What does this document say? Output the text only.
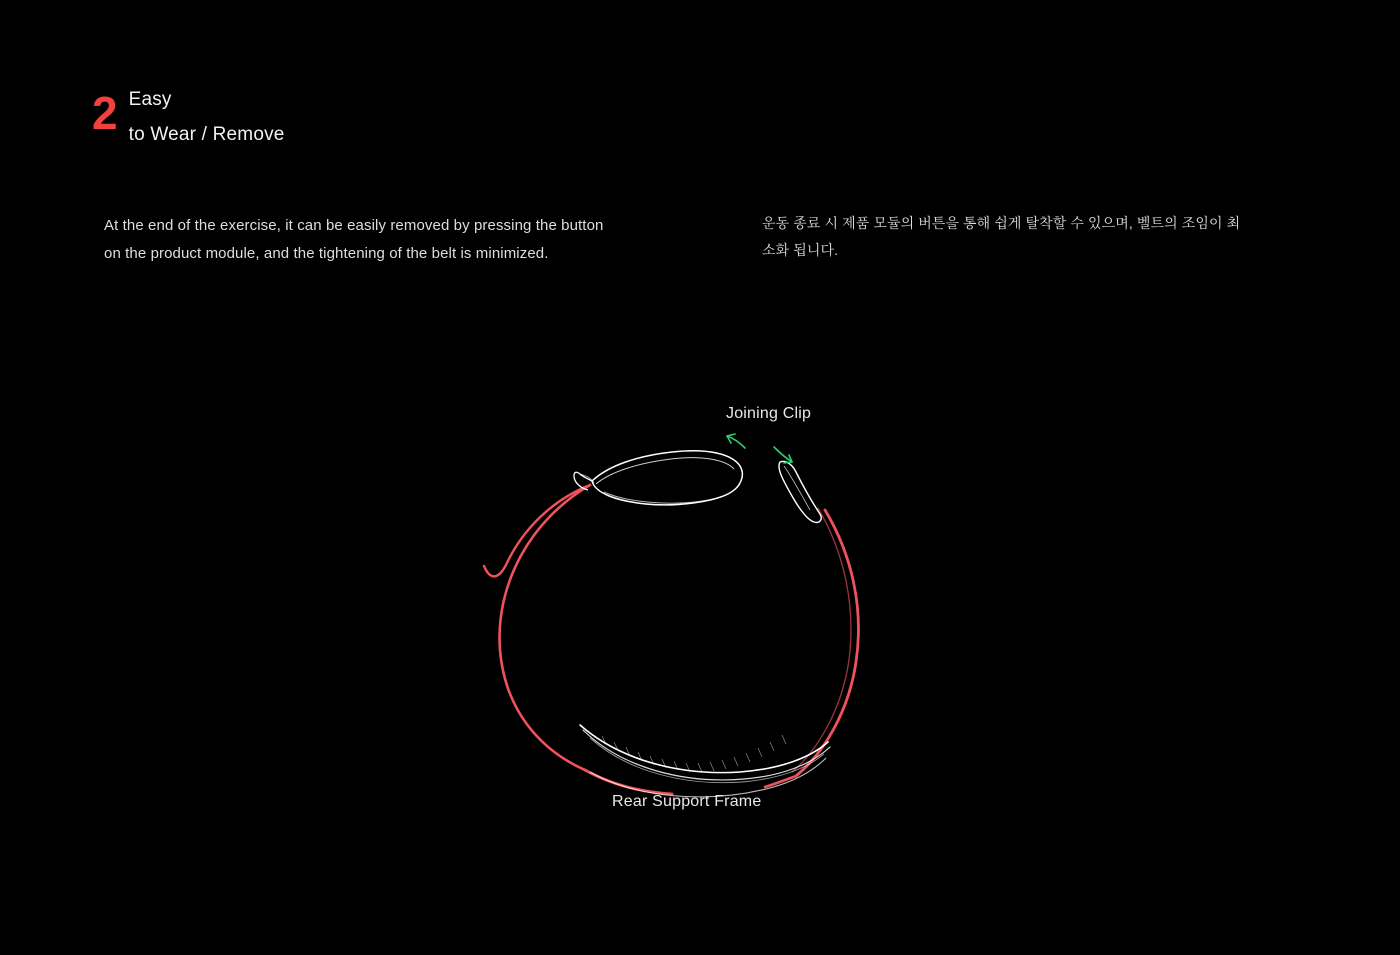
2 Easy
to Wear / Remove
At the end of the exercise, it can be easily removed by pressing the button on the product module, and the tightening of the belt is minimized.
운동 종료 시 제품 모듈의 버튼을 통해 쉽게 탈착할 수 있으며, 벨트의 조임이 최소화 됩니다.
Joining Clip
Rear Support Frame
